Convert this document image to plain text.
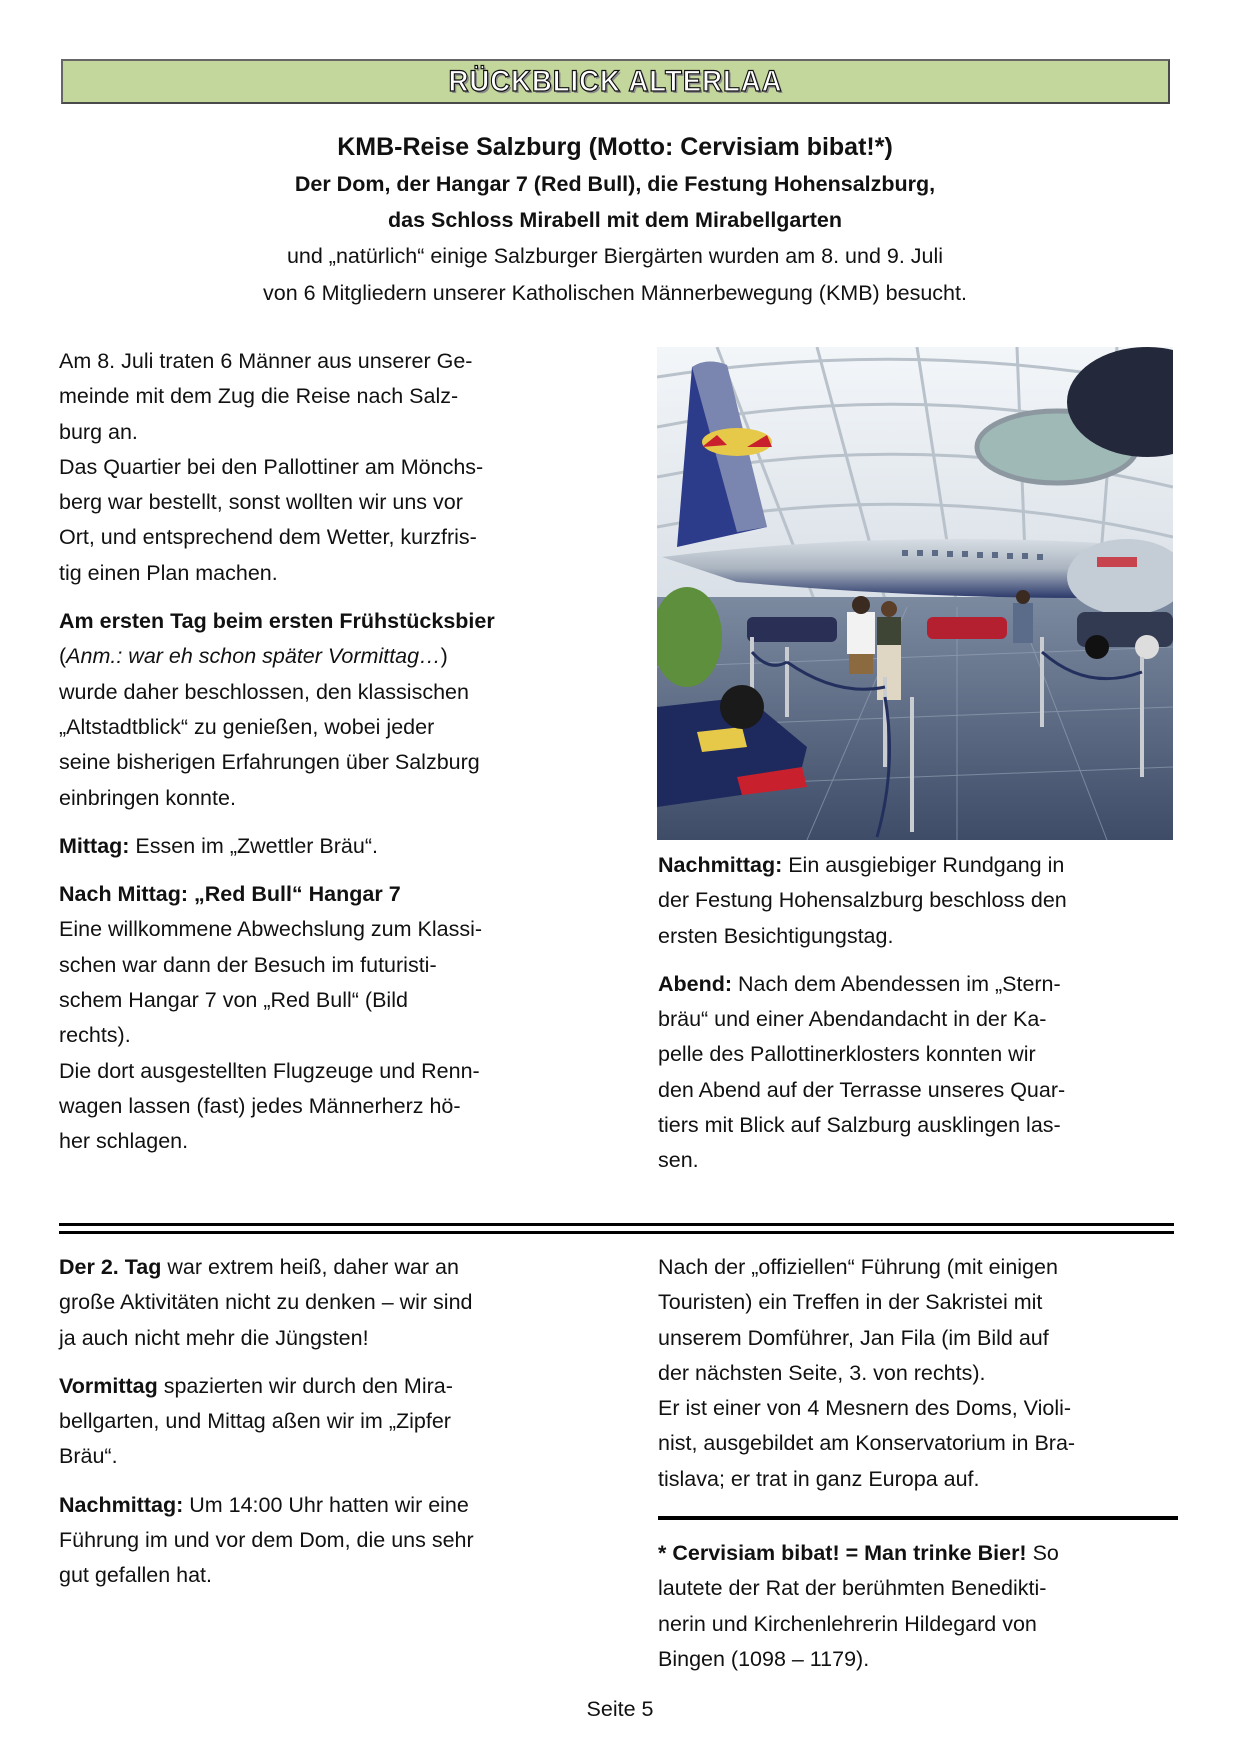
RÜCKBLICK ALTERLAA
KMB-Reise Salzburg (Motto: Cervisiam bibat!*)
Der Dom, der Hangar 7 (Red Bull), die Festung Hohensalzburg,
das Schloss Mirabell mit dem Mirabellgarten
und „natürlich“ einige Salzburger Biergärten wurden am 8. und 9. Juli
von 6 Mitgliedern unserer Katholischen Männerbewegung (KMB) besucht.

Am 8. Juli traten 6 Männer aus unserer Ge-
meinde mit dem Zug die Reise nach Salz-
burg an.
Das Quartier bei den Pallottiner am Mönchs-
berg war bestellt, sonst wollten wir uns vor
Ort, und entsprechend dem Wetter, kurzfris-
tig einen Plan machen.

Am ersten Tag beim ersten Frühstücksbier
(Anm.: war eh schon später Vormittag…)
wurde daher beschlossen, den klassischen
„Altstadtblick“ zu genießen, wobei jeder
seine bisherigen Erfahrungen über Salzburg
einbringen konnte.

Mittag: Essen im „Zwettler Bräu“.

Nach Mittag: „Red Bull“ Hangar 7
Eine willkommene Abwechslung zum Klassi-
schen war dann der Besuch im futuristi-
schem Hangar 7 von „Red Bull“ (Bild
rechts).
Die dort ausgestellten Flugzeuge und Renn-
wagen lassen (fast) jedes Männerherz hö-
her schlagen.

Nachmittag: Ein ausgiebiger Rundgang in
der Festung Hohensalzburg beschloss den
ersten Besichtigungstag.

Abend: Nach dem Abendessen im „Stern-
bräu“ und einer Abendandacht in der Ka-
pelle des Pallottinerklosters konnten wir
den Abend auf der Terrasse unseres Quar-
tiers mit Blick auf Salzburg ausklingen las-
sen.

Der 2. Tag war extrem heiß, daher war an
große Aktivitäten nicht zu denken – wir sind
ja auch nicht mehr die Jüngsten!

Vormittag spazierten wir durch den Mira-
bellgarten, und Mittag aßen wir im „Zipfer
Bräu“.

Nachmittag: Um 14:00 Uhr hatten wir eine
Führung im und vor dem Dom, die uns sehr
gut gefallen hat.

Nach der „offiziellen“ Führung (mit einigen
Touristen) ein Treffen in der Sakristei mit
unserem Domführer, Jan Fila (im Bild auf
der nächsten Seite, 3. von rechts).
Er ist einer von 4 Mesnern des Doms, Violi-
nist, ausgebildet am Konservatorium in Bra-
tislava; er trat in ganz Europa auf.

* Cervisiam bibat! = Man trinke Bier! So
lautete der Rat der berühmten Benedikti-
nerin und Kirchenlehrerin Hildegard von
Bingen (1098 – 1179).

Seite 5
